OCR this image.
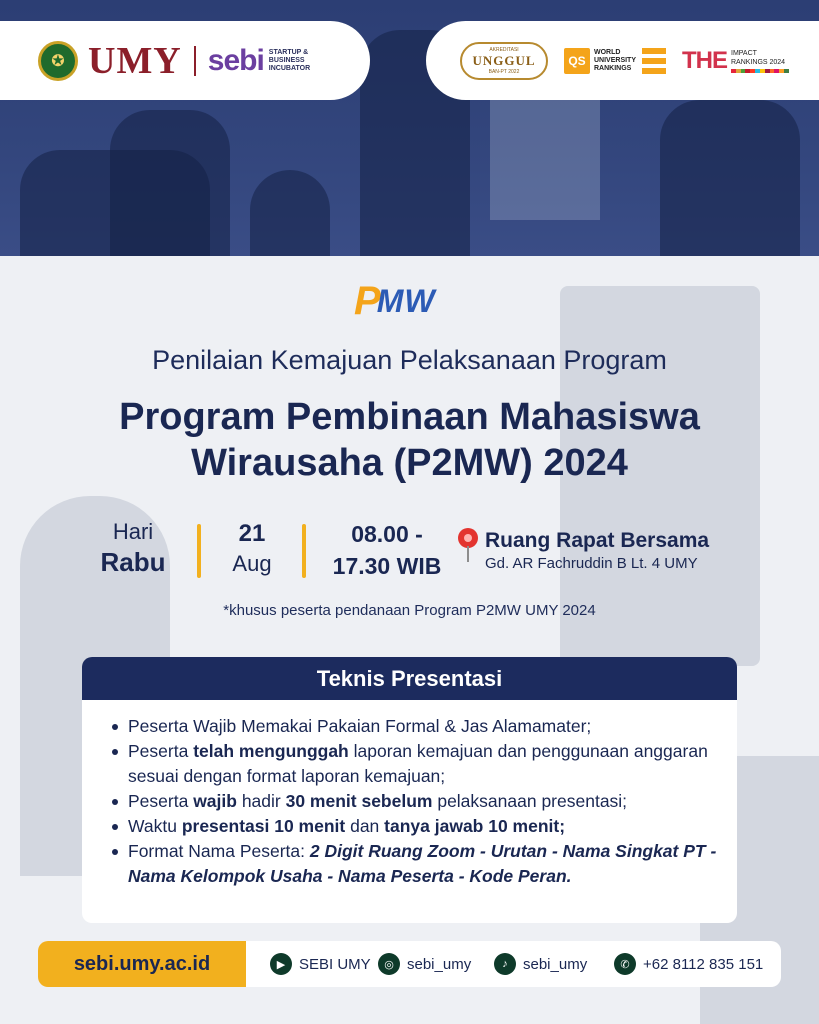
✪ UMY sebi STARTUP & BUSINESS INCUBATOR
AKREDITASI
UNGGUL
BAN-PT 2022
QS
WORLD UNIVERSITY RANKINGS THE IMPACT
RANKINGS 2024
P
MW
Penilaian Kemajuan Pelaksanaan Program
Program Pembinaan Mahasiswa
Wirausaha (P2MW) 2024
Hari
Rabu
21
Aug
08.00 -
17.30 WIB
Ruang Rapat Bersama
Gd. AR Fachruddin B Lt. 4 UMY
*khusus peserta pendanaan Program P2MW UMY 2024
Teknis Presentasi
Peserta Wajib Memakai Pakaian Formal & Jas Alamamater;
Peserta telah mengunggah laporan kemajuan dan penggunaan anggaran sesuai dengan format laporan kemajuan;
Peserta wajib hadir 30 menit sebelum pelaksanaan presentasi;
Waktu presentasi 10 menit dan tanya jawab 10 menit;
Format Nama Peserta: 2 Digit Ruang Zoom - Urutan - Nama Singkat PT - Nama Kelompok Usaha - Nama Peserta - Kode Peran.
sebi.umy.ac.id	▶ SEBI UMY	◎ sebi_umy	♪	sebi_umy	✆ +62 8112 835 151
